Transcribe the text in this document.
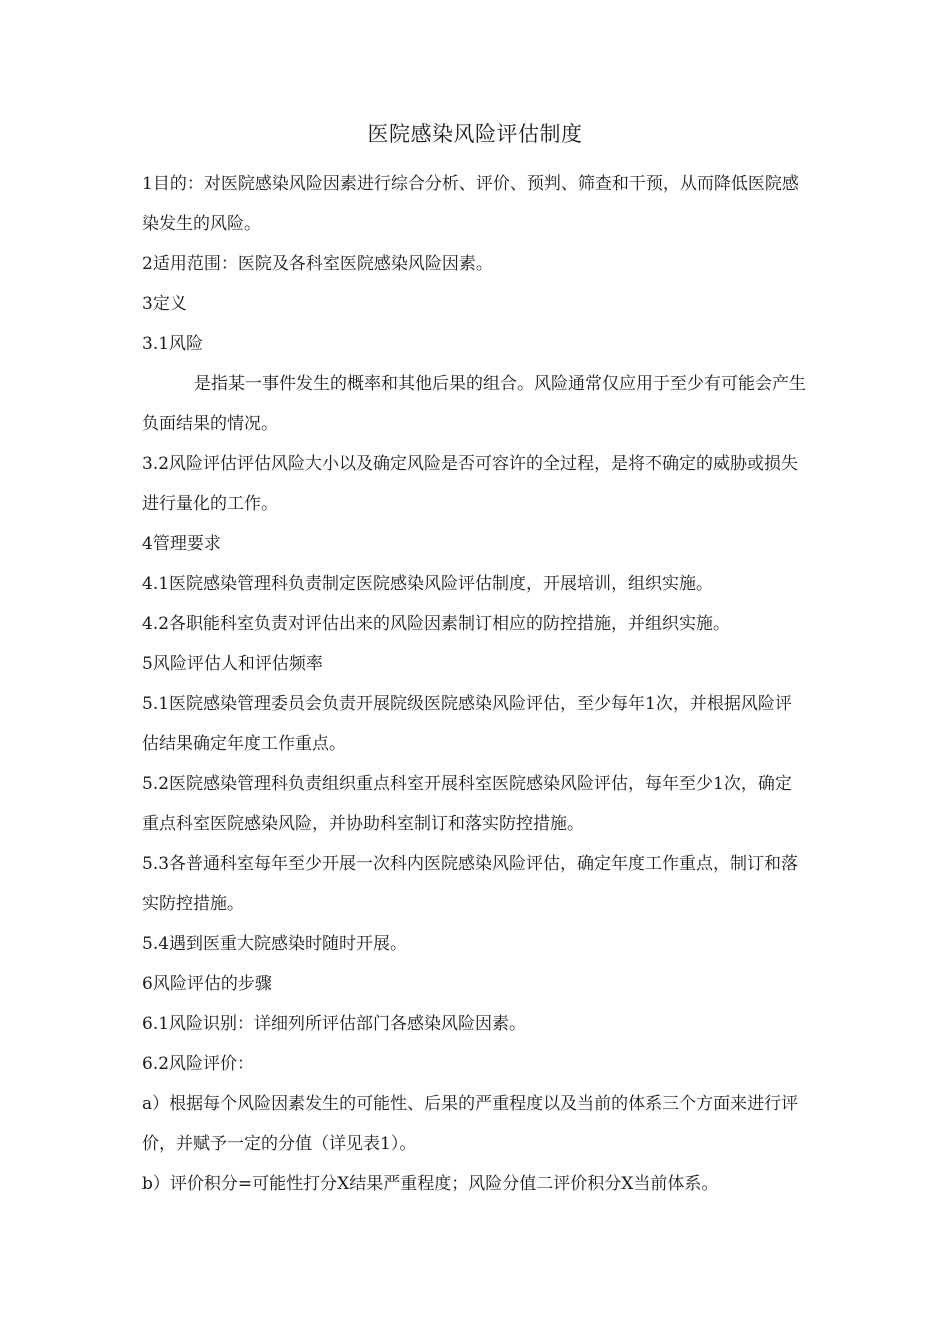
医院感染风险评估制度

1目的：对医院感染风险因素进行综合分析、评价、预判、筛查和干预，从而降低医院感染发生的风险。

2适用范围：医院及各科室医院感染风险因素。

3定义

3.1风险

是指某一事件发生的概率和其他后果的组合。风险通常仅应用于至少有可能会产生负面结果的情况。

3.2风险评估评估风险大小以及确定风险是否可容许的全过程，是将不确定的威胁或损失进行量化的工作。

4管理要求

4.1医院感染管理科负责制定医院感染风险评估制度，开展培训，组织实施。

4.2各职能科室负责对评估出来的风险因素制订相应的防控措施，并组织实施。

5风险评估人和评估频率

5.1医院感染管理委员会负责开展院级医院感染风险评估，至少每年1次，并根据风险评估结果确定年度工作重点。

5.2医院感染管理科负责组织重点科室开展科室医院感染风险评估，每年至少1次，确定重点科室医院感染风险，并协助科室制订和落实防控措施。

5.3各普通科室每年至少开展一次科内医院感染风险评估，确定年度工作重点，制订和落实防控措施。

5.4遇到医重大院感染时随时开展。

6风险评估的步骤

6.1风险识别：详细列所评估部门各感染风险因素。

6.2风险评价：

a）根据每个风险因素发生的可能性、后果的严重程度以及当前的体系三个方面来进行评价，并赋予一定的分值（详见表1）。

b）评价积分=可能性打分X结果严重程度；风险分值二评价积分X当前体系。
